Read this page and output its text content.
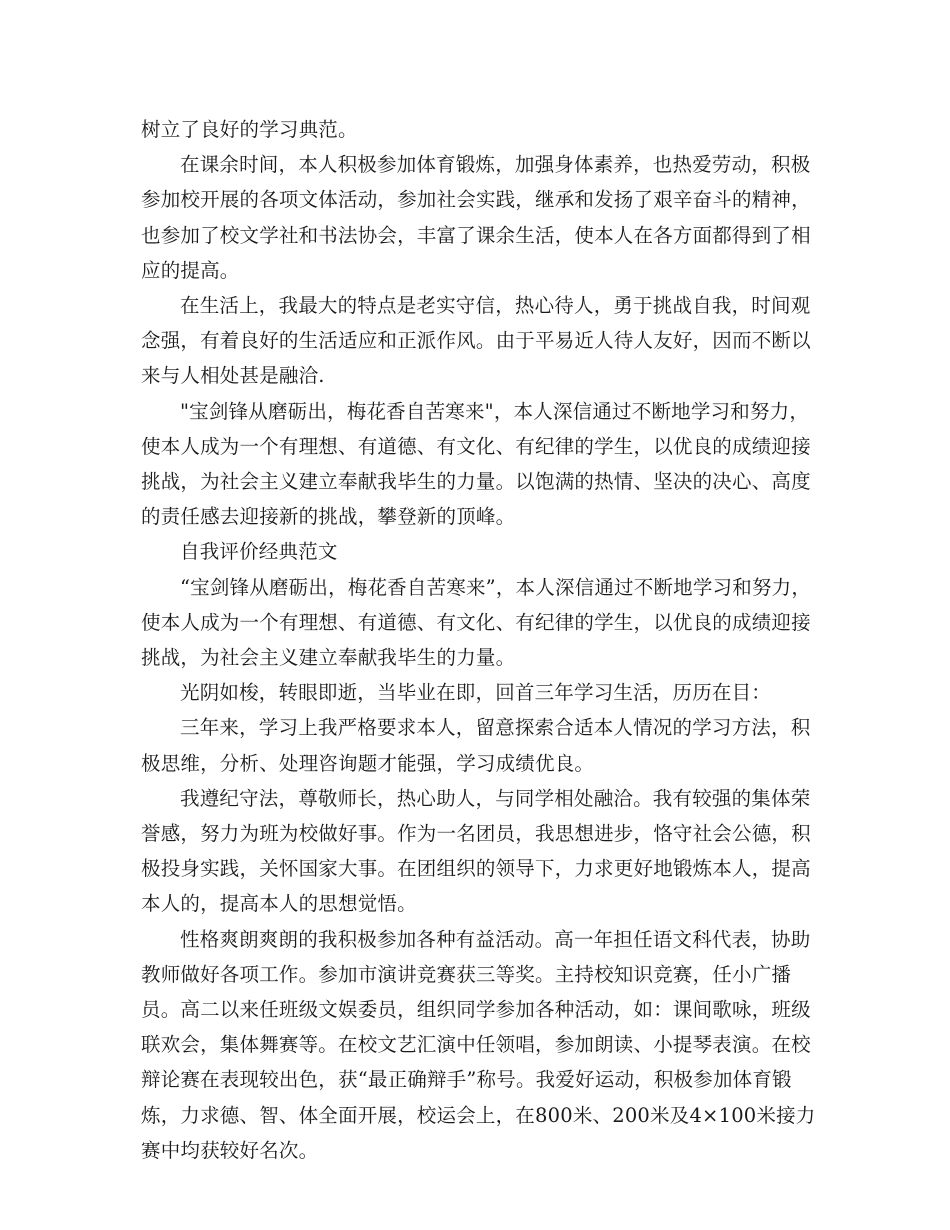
树立了良好的学习典范。

在课余时间，本人积极参加体育锻炼，加强身体素养，也热爱劳动，积极参加校开展的各项文体活动，参加社会实践，继承和发扬了艰辛奋斗的精神，也参加了校文学社和书法协会，丰富了课余生活，使本人在各方面都得到了相应的提高。

在生活上，我最大的特点是老实守信，热心待人，勇于挑战自我，时间观念强，有着良好的生活适应和正派作风。由于平易近人待人友好，因而不断以来与人相处甚是融洽.

"宝剑锋从磨砺出，梅花香自苦寒来"，本人深信通过不断地学习和努力，使本人成为一个有理想、有道德、有文化、有纪律的学生，以优良的成绩迎接挑战，为社会主义建立奉献我毕生的力量。以饱满的热情、坚决的决心、高度的责任感去迎接新的挑战，攀登新的顶峰。

自我评价经典范文

“宝剑锋从磨砺出，梅花香自苦寒来”，本人深信通过不断地学习和努力，使本人成为一个有理想、有道德、有文化、有纪律的学生，以优良的成绩迎接挑战，为社会主义建立奉献我毕生的力量。

光阴如梭，转眼即逝，当毕业在即，回首三年学习生活，历历在目：

三年来，学习上我严格要求本人，留意探索合适本人情况的学习方法，积极思维，分析、处理咨询题才能强，学习成绩优良。

我遵纪守法，尊敬师长，热心助人，与同学相处融洽。我有较强的集体荣誉感，努力为班为校做好事。作为一名团员，我思想进步，恪守社会公德，积极投身实践，关怀国家大事。在团组织的领导下，力求更好地锻炼本人，提高本人的，提高本人的思想觉悟。

性格爽朗爽朗的我积极参加各种有益活动。高一年担任语文科代表，协助教师做好各项工作。参加市演讲竞赛获三等奖。主持校知识竞赛，任小广播员。高二以来任班级文娱委员，组织同学参加各种活动，如：课间歌咏，班级联欢会，集体舞赛等。在校文艺汇演中任领唱，参加朗读、小提琴表演。在校辩论赛在表现较出色，获“最正确辩手”称号。我爱好运动，积极参加体育锻炼，力求德、智、体全面开展，校运会上，在800米、200米及4×100米接力赛中均获较好名次。
